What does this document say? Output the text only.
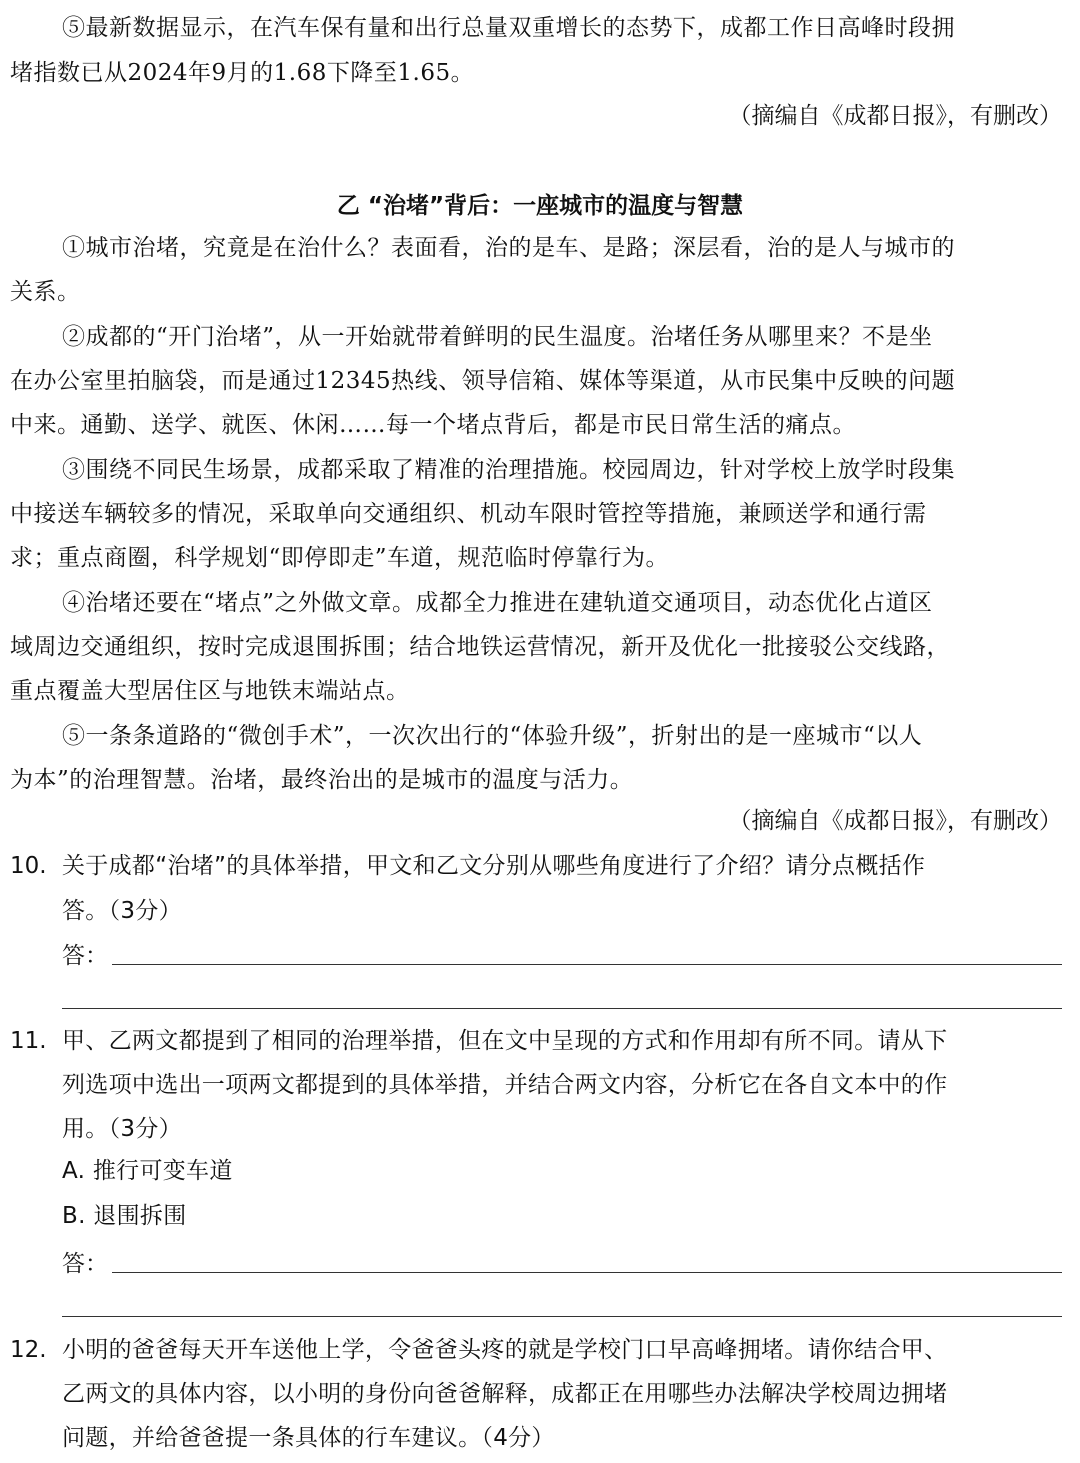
⑤最新数据显示，在汽车保有量和出行总量双重增长的态势下，成都工作日高峰时段拥
堵指数已从2024年9月的1.68下降至1.65。
（摘编自《成都日报》，有删改）
乙 “治堵”背后：一座城市的温度与智慧
①城市治堵，究竟是在治什么？表面看，治的是车、是路；深层看，治的是人与城市的
关系。
②成都的“开门治堵”，从一开始就带着鲜明的民生温度。治堵任务从哪里来？不是坐
在办公室里拍脑袋，而是通过12345热线、领导信箱、媒体等渠道，从市民集中反映的问题
中来。通勤、送学、就医、休闲……每一个堵点背后，都是市民日常生活的痛点。
③围绕不同民生场景，成都采取了精准的治理措施。校园周边，针对学校上放学时段集
中接送车辆较多的情况，采取单向交通组织、机动车限时管控等措施，兼顾送学和通行需
求；重点商圈，科学规划“即停即走”车道，规范临时停靠行为。
④治堵还要在“堵点”之外做文章。成都全力推进在建轨道交通项目，动态优化占道区
域周边交通组织，按时完成退围拆围；结合地铁运营情况，新开及优化一批接驳公交线路，
重点覆盖大型居住区与地铁末端站点。
⑤一条条道路的“微创手术”，一次次出行的“体验升级”，折射出的是一座城市“以人
为本”的治理智慧。治堵，最终治出的是城市的温度与活力。
（摘编自《成都日报》，有删改）
10. 关于成都“治堵”的具体举措，甲文和乙文分别从哪些角度进行了介绍？请分点概括作
答。（3分）
答：
11. 甲、乙两文都提到了相同的治理举措，但在文中呈现的方式和作用却有所不同。请从下
列选项中选出一项两文都提到的具体举措，并结合两文内容，分析它在各自文本中的作
用。（3分）
A. 推行可变车道
B. 退围拆围
答：
12. 小明的爸爸每天开车送他上学，令爸爸头疼的就是学校门口早高峰拥堵。请你结合甲、
乙两文的具体内容，以小明的身份向爸爸解释，成都正在用哪些办法解决学校周边拥堵
问题，并给爸爸提一条具体的行车建议。（4分）
